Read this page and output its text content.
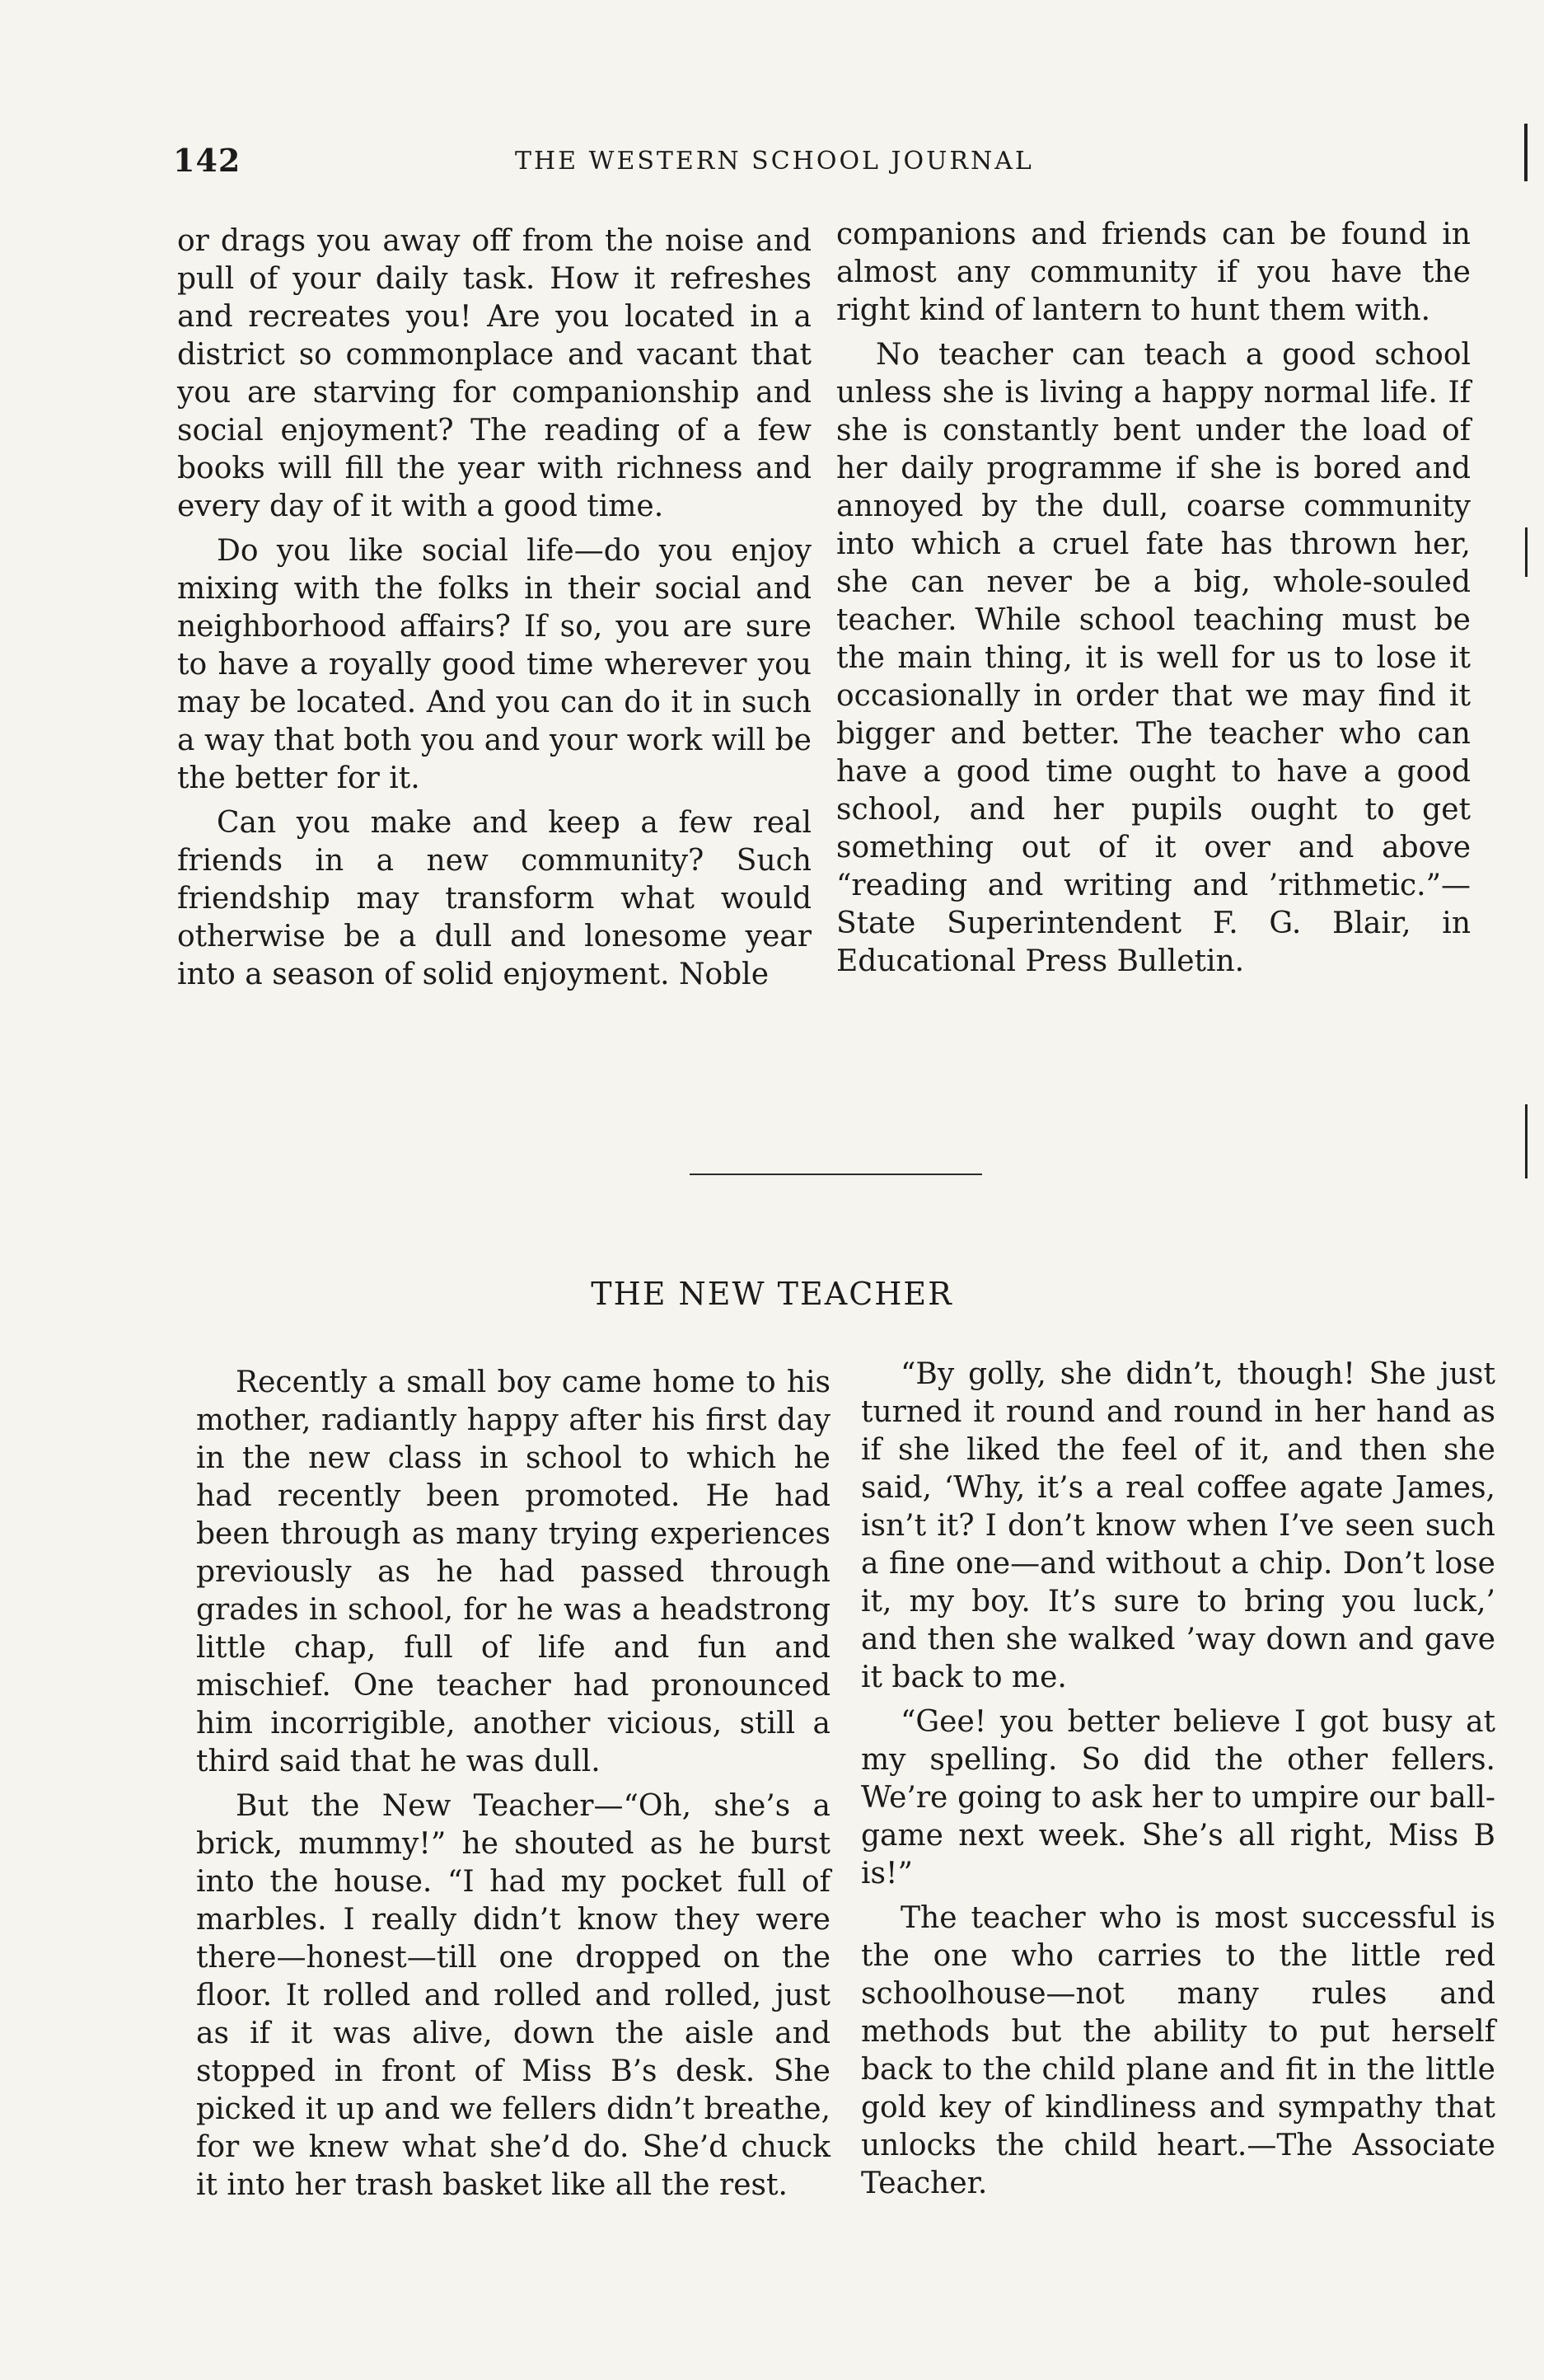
142	THE WESTERN SCHOOL JOURNAL

or drags you away off from the noise and pull of your daily task. How it refreshes and recreates you! Are you located in a district so commonplace and vacant that you are starving for companionship and social enjoyment? The reading of a few books will fill the year with richness and every day of it with a good time.

Do you like social life—do you enjoy mixing with the folks in their social and neighborhood affairs? If so, you are sure to have a royally good time wherever you may be located. And you can do it in such a way that both you and your work will be the better for it.

Can you make and keep a few real friends in a new community? Such friendship may transform what would otherwise be a dull and lonesome year into a season of solid enjoyment. Noble

companions and friends can be found in almost any community if you have the right kind of lantern to hunt them with.

No teacher can teach a good school unless she is living a happy normal life. If she is constantly bent under the load of her daily programme if she is bored and annoyed by the dull, coarse community into which a cruel fate has thrown her, she can never be a big, whole-souled teacher. While school teaching must be the main thing, it is well for us to lose it occasionally in order that we may find it bigger and better. The teacher who can have a good time ought to have a good school, and her pupils ought to get something out of it over and above “reading and writing and ’rithmetic.”—State Superintendent F. G. Blair, in Educational Press Bulletin.

THE NEW TEACHER

Recently a small boy came home to his mother, radiantly happy after his first day in the new class in school to which he had recently been promoted. He had been through as many trying experiences previously as he had passed through grades in school, for he was a headstrong little chap, full of life and fun and mischief. One teacher had pronounced him incorrigible, another vicious, still a third said that he was dull.

But the New Teacher—“Oh, she’s a brick, mummy!” he shouted as he burst into the house. “I had my pocket full of marbles. I really didn’t know they were there—honest—till one dropped on the floor. It rolled and rolled and rolled, just as if it was alive, down the aisle and stopped in front of Miss B’s desk. She picked it up and we fellers didn’t breathe, for we knew what she’d do. She’d chuck it into her trash basket like all the rest.

“By golly, she didn’t, though! She just turned it round and round in her hand as if she liked the feel of it, and then she said, ‘Why, it’s a real coffee agate James, isn’t it? I don’t know when I’ve seen such a fine one—and without a chip. Don’t lose it, my boy. It’s sure to bring you luck,’ and then she walked ’way down and gave it back to me.

“Gee! you better believe I got busy at my spelling. So did the other fellers. We’re going to ask her to umpire our ball-game next week. She’s all right, Miss B is!”

The teacher who is most successful is the one who carries to the little red schoolhouse—not many rules and methods but the ability to put herself back to the child plane and fit in the little gold key of kindliness and sympathy that unlocks the child heart.—The Associate Teacher.
